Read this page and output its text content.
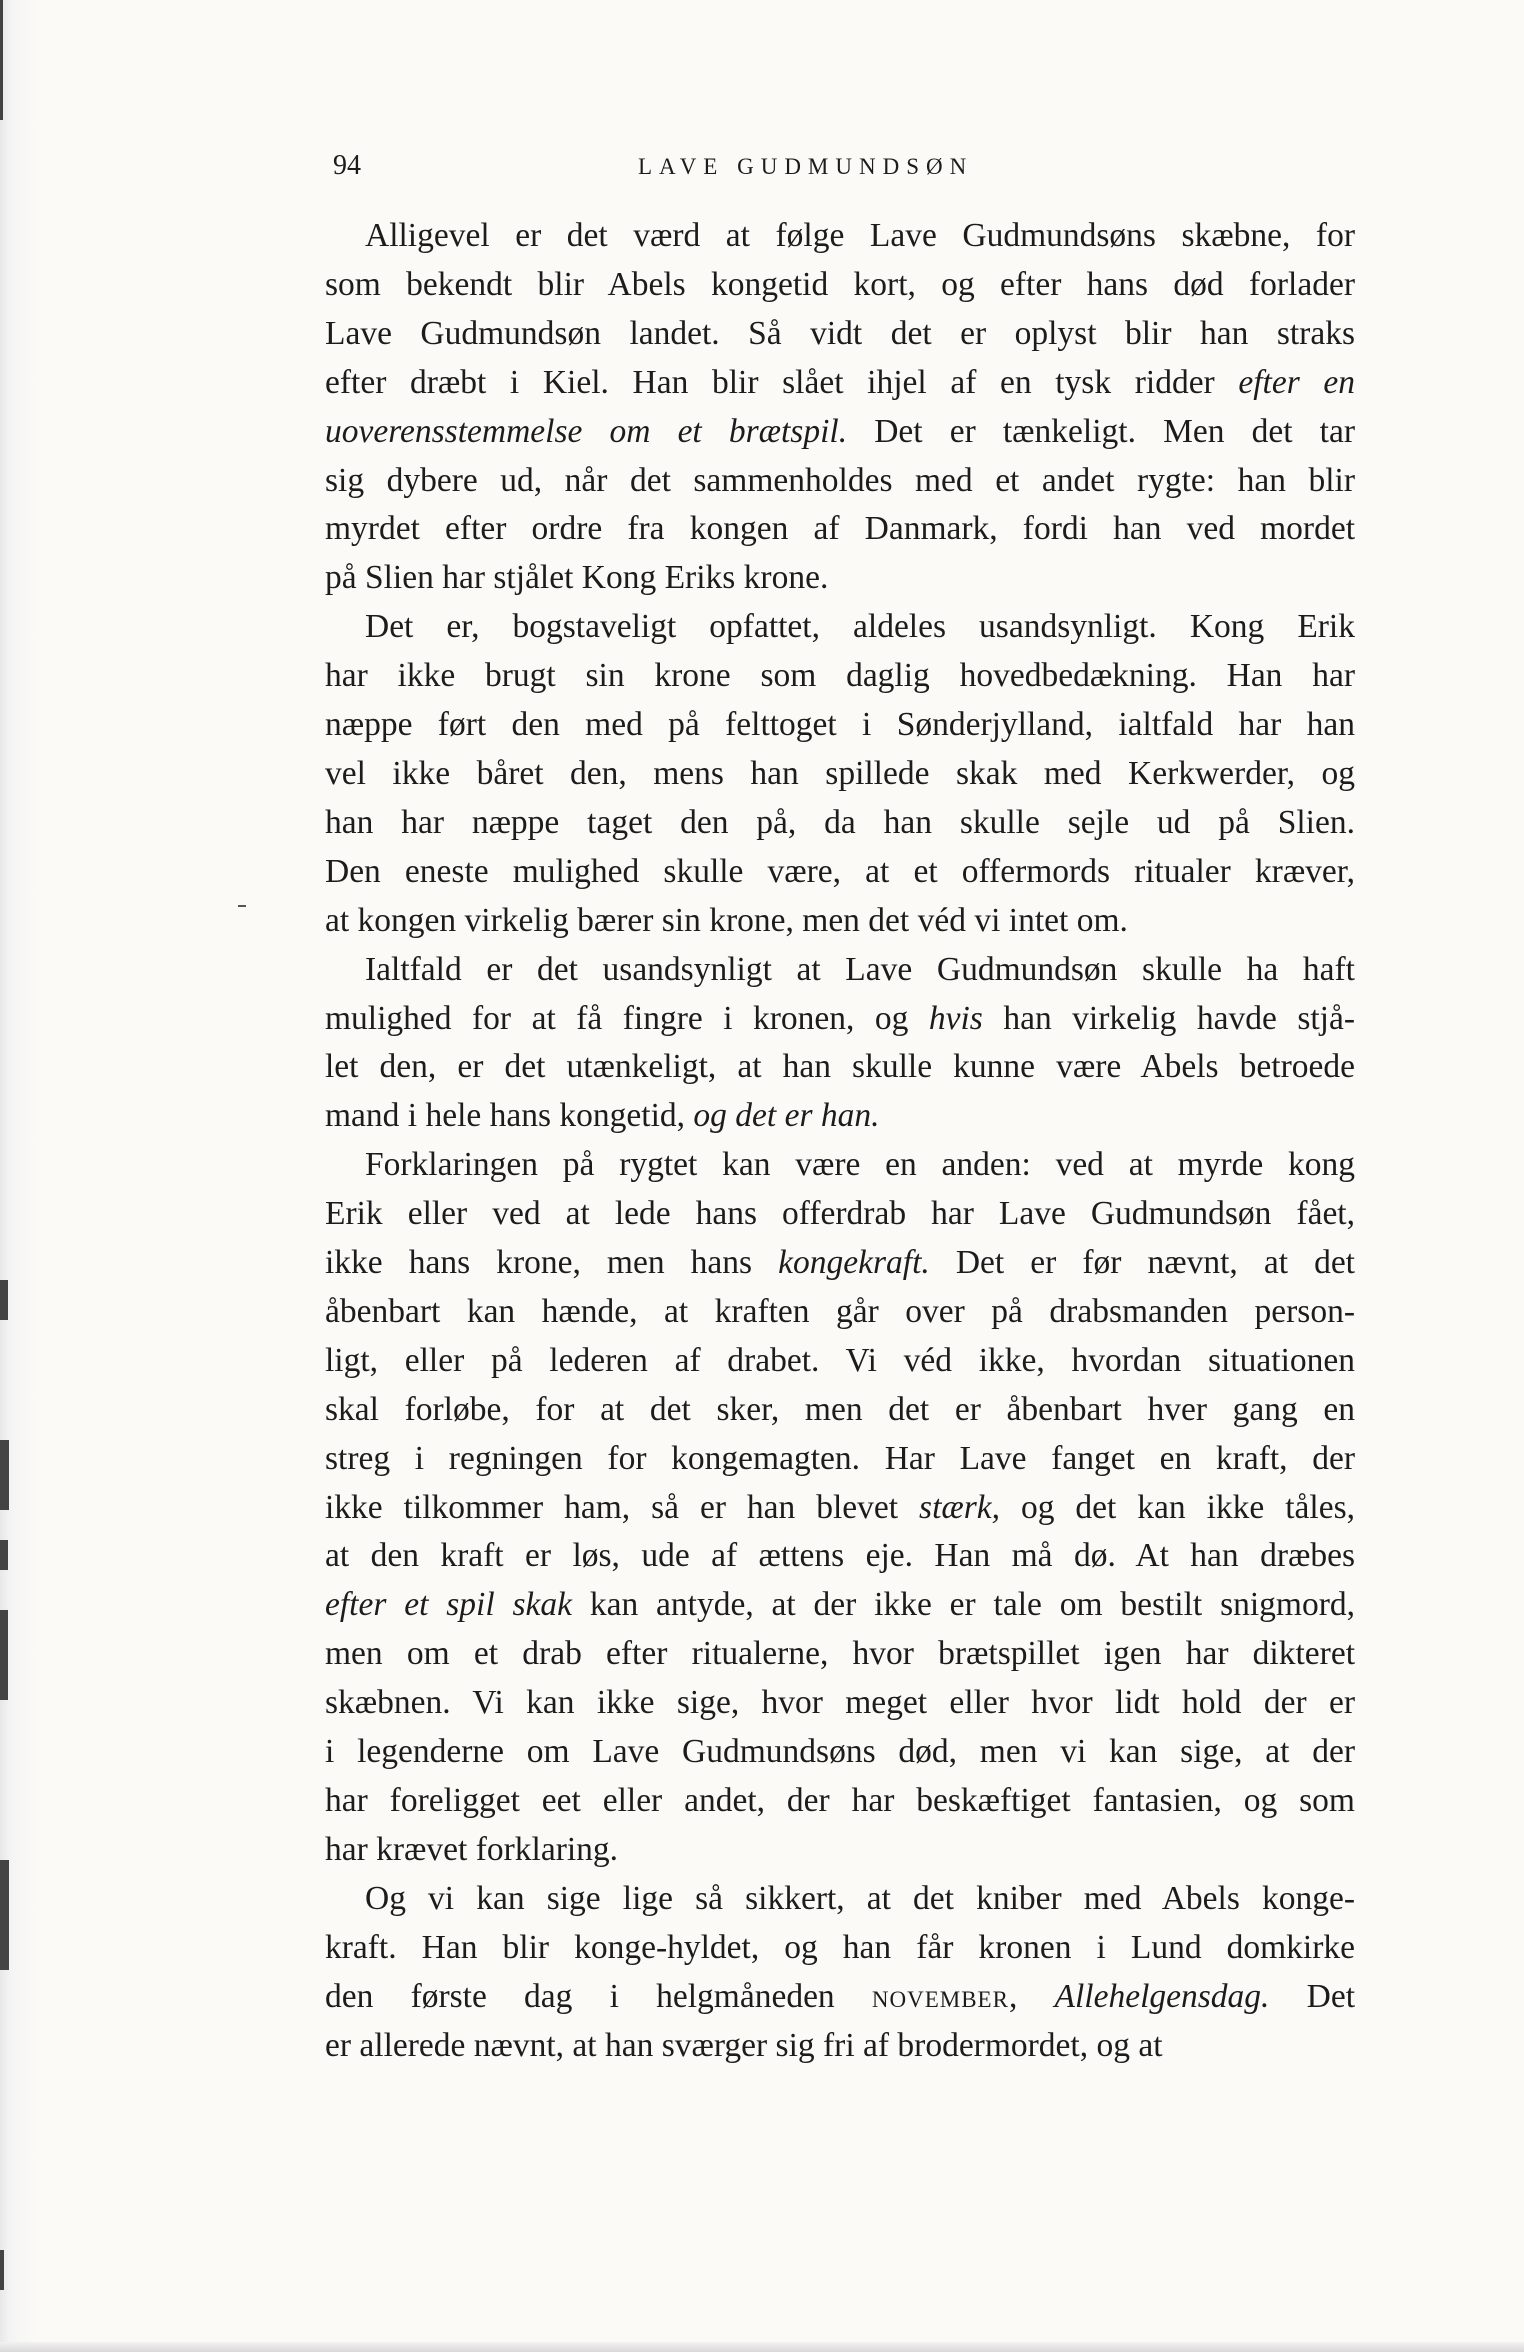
94	LAVE GUDMUNDSØN
Alligevel er det værd at følge Lave Gudmundsøns skæbne, for
som bekendt blir Abels kongetid kort, og efter hans død forlader
Lave Gudmundsøn landet. Så vidt det er oplyst blir han straks
efter dræbt i Kiel. Han blir slået ihjel af en tysk ridder efter en
uoverensstemmelse om et brætspil. Det er tænkeligt. Men det tar
sig dybere ud, når det sammenholdes med et andet rygte: han blir
myrdet efter ordre fra kongen af Danmark, fordi han ved mordet
på Slien har stjålet Kong Eriks krone.
Det er, bogstaveligt opfattet, aldeles usandsynligt. Kong Erik
har ikke brugt sin krone som daglig hovedbedækning. Han har
næppe ført den med på felttoget i Sønderjylland, ialtfald har han
vel ikke båret den, mens han spillede skak med Kerkwerder, og
han har næppe taget den på, da han skulle sejle ud på Slien.
Den eneste mulighed skulle være, at et offermords ritualer kræver,
at kongen virkelig bærer sin krone, men det véd vi intet om.
Ialtfald er det usandsynligt at Lave Gudmundsøn skulle ha haft
mulighed for at få fingre i kronen, og hvis han virkelig havde stjå-
let den, er det utænkeligt, at han skulle kunne være Abels betroede
mand i hele hans kongetid, og det er han.
Forklaringen på rygtet kan være en anden: ved at myrde kong
Erik eller ved at lede hans offerdrab har Lave Gudmundsøn fået,
ikke hans krone, men hans kongekraft. Det er før nævnt, at det
åbenbart kan hænde, at kraften går over på drabsmanden person-
ligt, eller på lederen af drabet. Vi véd ikke, hvordan situationen
skal forløbe, for at det sker, men det er åbenbart hver gang en
streg i regningen for kongemagten. Har Lave fanget en kraft, der
ikke tilkommer ham, så er han blevet stærk, og det kan ikke tåles,
at den kraft er løs, ude af ættens eje. Han må dø. At han dræbes
efter et spil skak kan antyde, at der ikke er tale om bestilt snigmord,
men om et drab efter ritualerne, hvor brætspillet igen har dikteret
skæbnen. Vi kan ikke sige, hvor meget eller hvor lidt hold der er
i legenderne om Lave Gudmundsøns død, men vi kan sige, at der
har foreligget eet eller andet, der har beskæftiget fantasien, og som
har krævet forklaring.
Og vi kan sige lige så sikkert, at det kniber med Abels konge-
kraft. Han blir konge-hyldet, og han får kronen i Lund domkirke
den første dag i helgmåneden november, Allehelgensdag. Det
er allerede nævnt, at han sværger sig fri af brodermordet, og at
